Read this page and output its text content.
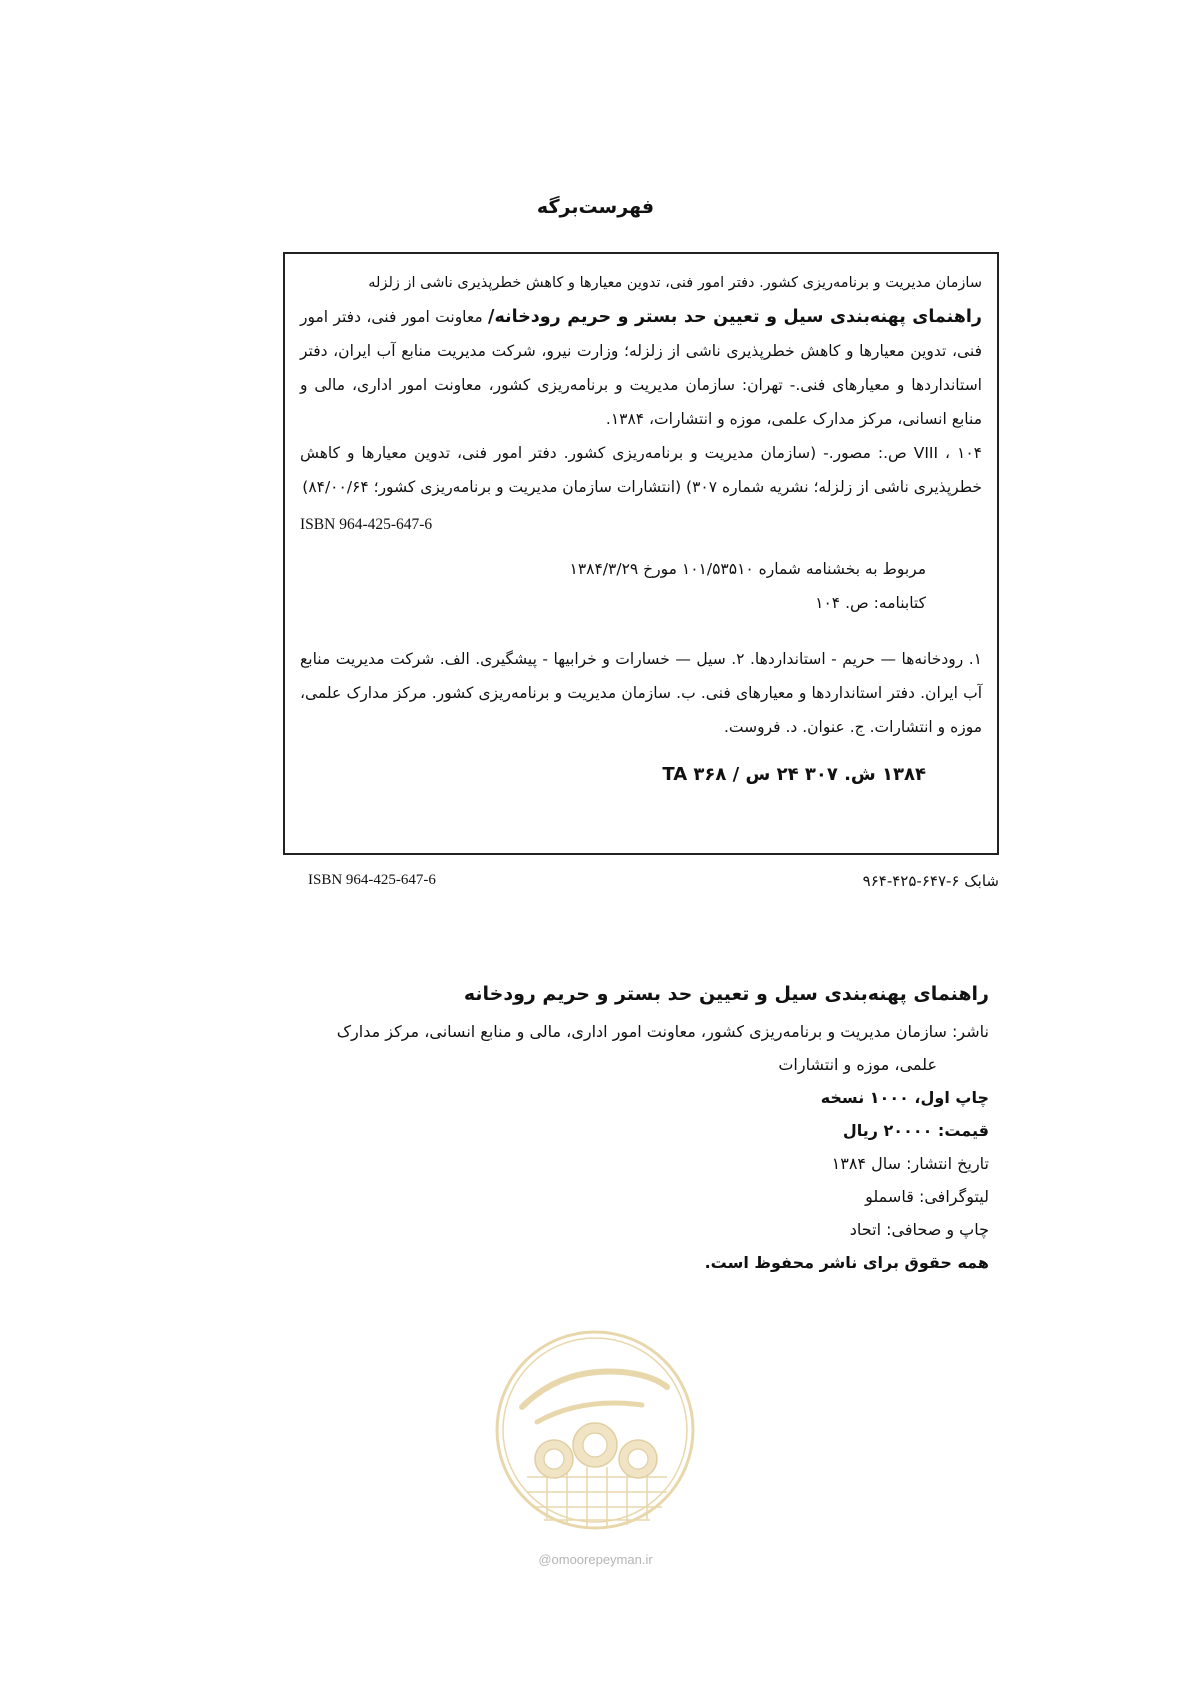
فهرست‌برگه

سازمان مدیریت و برنامه‌ریزی کشور. دفتر امور فنی، تدوین معیارها و کاهش خطرپذیری ناشی از زلزله

راهنمای پهنه‌بندی سیل و تعیین حد بستر و حریم رودخانه/ معاونت امور فنی، دفتر امور فنی، تدوین معیارها و کاهش خطرپذیری ناشی از زلزله؛ وزارت نیرو، شرکت مدیریت منابع آب ایران، دفتر استانداردها و معیارهای فنی.- تهران: سازمان مدیریت و برنامه‌ریزی کشور، معاونت امور اداری، مالی و منابع انسانی، مرکز مدارک علمی، موزه و انتشارات، ۱۳۸۴.

VIII ، ۱۰۴ ص.: مصور.- (سازمان مدیریت و برنامه‌ریزی کشور. دفتر امور فنی، تدوین معیارها و کاهش خطرپذیری ناشی از زلزله؛ نشریه شماره ۳۰۷) (انتشارات سازمان مدیریت و برنامه‌ریزی کشور؛ ۸۴/۰۰/۶۴)

ISBN 964-425-647-6

مربوط به بخشنامه شماره ۱۰۱/۵۳۵۱۰ مورخ ۱۳۸۴/۳/۲۹

کتابنامه: ص. ۱۰۴

۱. رودخانه‌ها — حریم - استانداردها. ۲. سیل — خسارات و خرابیها - پیشگیری. الف. شرکت مدیریت منابع آب ایران. دفتر استانداردها و معیارهای فنی. ب. سازمان مدیریت و برنامه‌ریزی کشور. مرکز مدارک علمی، موزه و انتشارات. ج. عنوان. د. فروست.

۱۳۸۴ ش. ۳۰۷ ۲۴ س / ۳۶۸ TA

ISBN 964-425-647-6	شابک ۶-۶۴۷-۴۲۵-۹۶۴

راهنمای پهنه‌بندی سیل و تعیین حد بستر و حریم رودخانه

ناشر: سازمان مدیریت و برنامه‌ریزی کشور، معاونت امور اداری، مالی و منابع انسانی، مرکز مدارک

علمی، موزه و انتشارات

چاپ اول، ۱۰۰۰ نسخه

قیمت: ۲۰۰۰۰ ریال

تاریخ انتشار: سال ۱۳۸۴

لیتوگرافی: قاسملو

چاپ و صحافی: اتحاد

همه حقوق برای ناشر محفوظ است.

@omoorepeyman.ir
